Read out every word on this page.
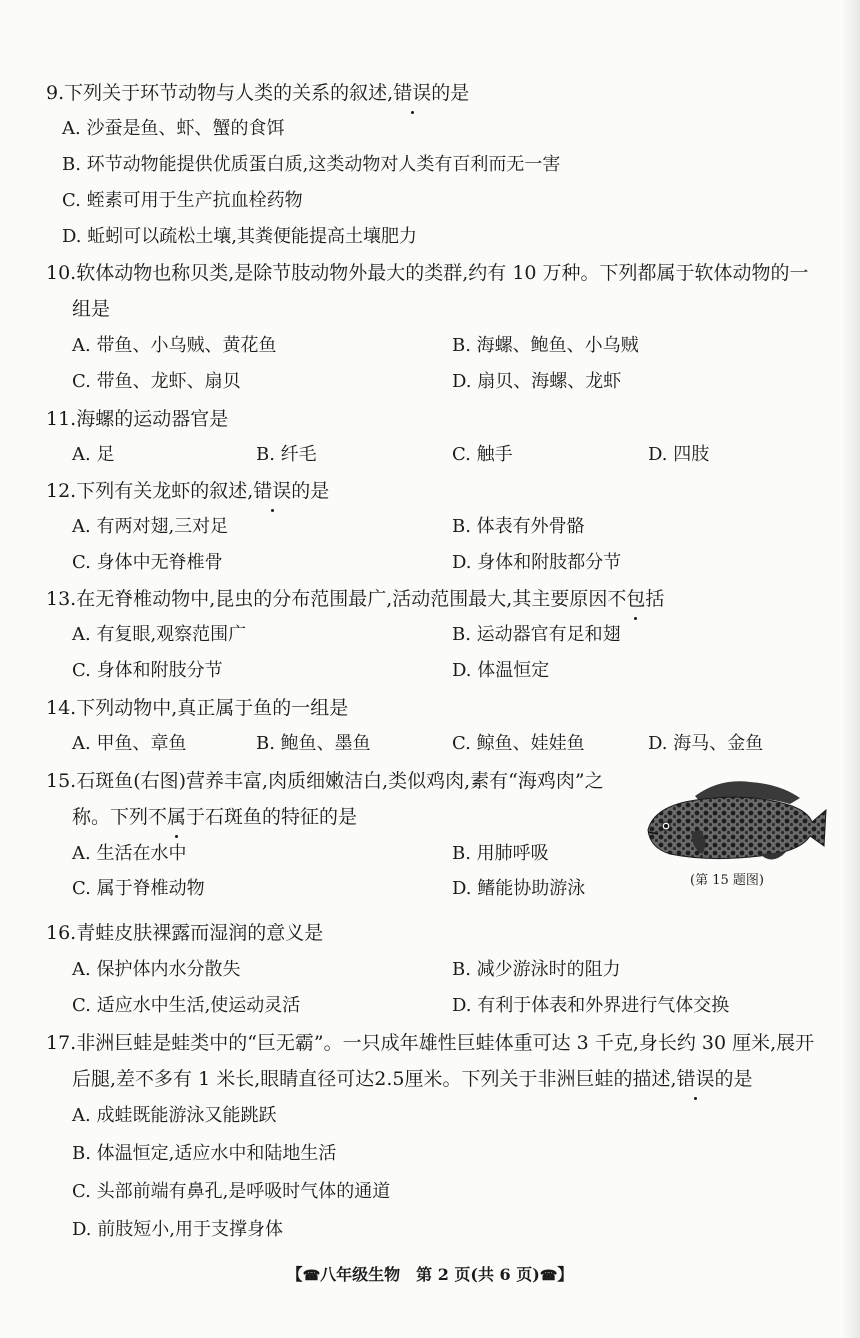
9.下列关于环节动物与人类的关系的叙述,错误的是
A. 沙蚕是鱼、虾、蟹的食饵
B. 环节动物能提供优质蛋白质,这类动物对人类有百利而无一害
C. 蛭素可用于生产抗血栓药物
D. 蚯蚓可以疏松土壤,其粪便能提高土壤肥力
10.软体动物也称贝类,是除节肢动物外最大的类群,约有 10 万种。下列都属于软体动物的一
组是
A. 带鱼、小乌贼、黄花鱼	B. 海螺、鲍鱼、小乌贼
C. 带鱼、龙虾、扇贝	D. 扇贝、海螺、龙虾
11.海螺的运动器官是
A. 足	B. 纤毛	C. 触手	D. 四肢
12.下列有关龙虾的叙述,错误的是
A. 有两对翅,三对足	B. 体表有外骨骼
C. 身体中无脊椎骨	D. 身体和附肢都分节
13.在无脊椎动物中,昆虫的分布范围最广,活动范围最大,其主要原因不包括
A. 有复眼,观察范围广	B. 运动器官有足和翅
C. 身体和附肢分节	D. 体温恒定
14.下列动物中,真正属于鱼的一组是
A. 甲鱼、章鱼	B. 鲍鱼、墨鱼	C. 鲸鱼、娃娃鱼	D. 海马、金鱼
15.石斑鱼(右图)营养丰富,肉质细嫩洁白,类似鸡肉,素有“海鸡肉”之
称。下列不属于石斑鱼的特征的是
A. 生活在水中	B. 用肺呼吸
C. 属于脊椎动物	D. 鳍能协助游泳	(第 15 题图)
16.青蛙皮肤裸露而湿润的意义是
A. 保护体内水分散失	B. 减少游泳时的阻力
C. 适应水中生活,使运动灵活	D. 有利于体表和外界进行气体交换
17.非洲巨蛙是蛙类中的“巨无霸”。一只成年雄性巨蛙体重可达 3 千克,身长约 30 厘米,展开
后腿,差不多有 1 米长,眼睛直径可达2.5厘米。下列关于非洲巨蛙的描述,错误的是
A. 成蛙既能游泳又能跳跃
B. 体温恒定,适应水中和陆地生活
C. 头部前端有鼻孔,是呼吸时气体的通道
D. 前肢短小,用于支撑身体
【☎八年级生物　第 2 页(共 6 页)☎】
